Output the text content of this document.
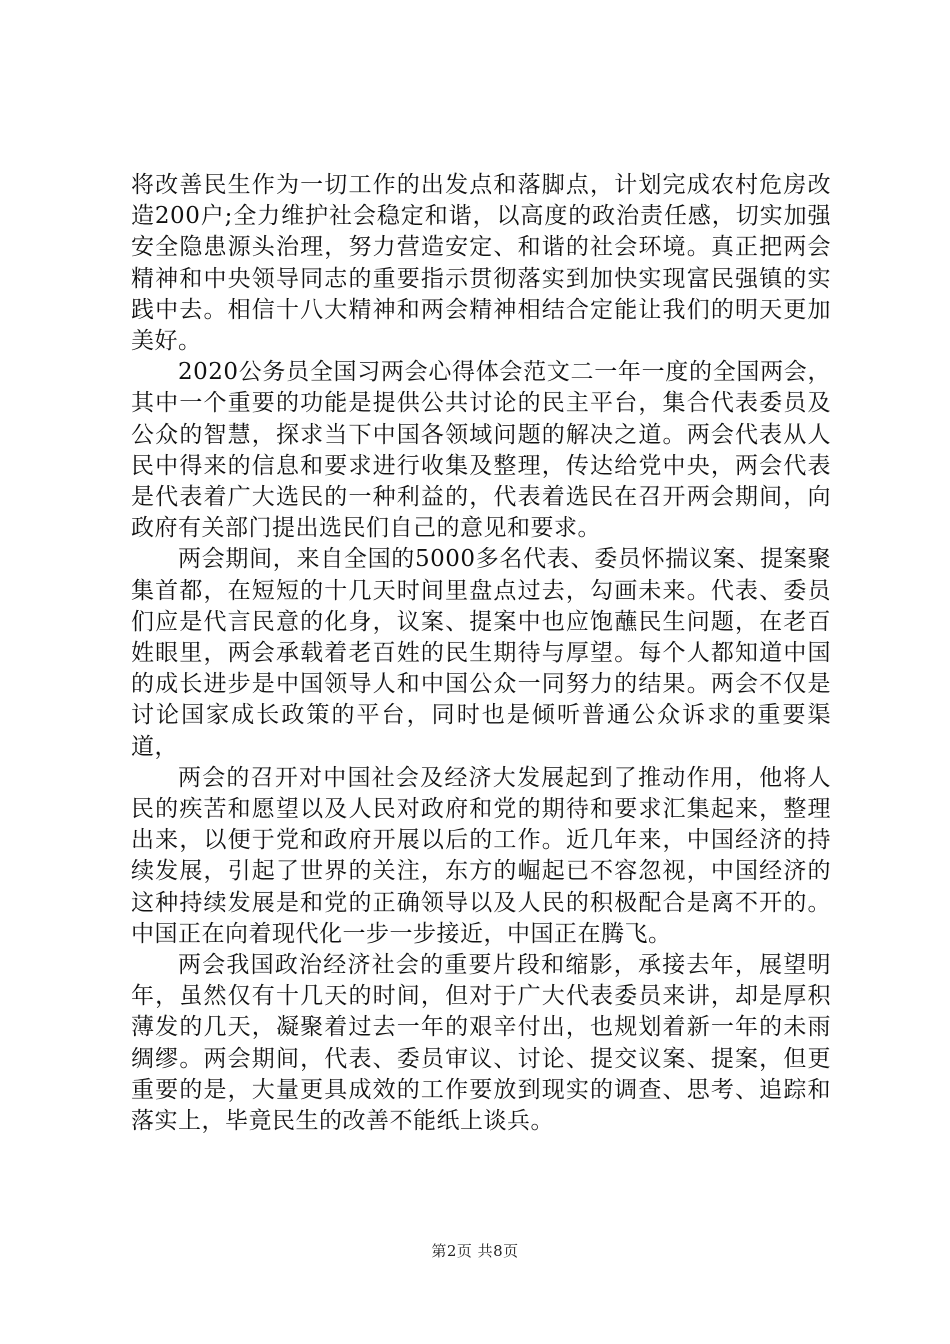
将改善民生作为一切工作的出发点和落脚点，计划完成农村危房改造200户;全力维护社会稳定和谐，以高度的政治责任感，切实加强安全隐患源头治理，努力营造安定、和谐的社会环境。真正把两会精神和中央领导同志的重要指示贯彻落实到加快实现富民强镇的实践中去。相信十八大精神和两会精神相结合定能让我们的明天更加美好。

2020公务员全国习两会心得体会范文二一年一度的全国两会，其中一个重要的功能是提供公共讨论的民主平台，集合代表委员及公众的智慧，探求当下中国各领域问题的解决之道。两会代表从人民中得来的信息和要求进行收集及整理，传达给党中央，两会代表是代表着广大选民的一种利益的，代表着选民在召开两会期间，向政府有关部门提出选民们自己的意见和要求。

两会期间，来自全国的5000多名代表、委员怀揣议案、提案聚集首都，在短短的十几天时间里盘点过去，勾画未来。代表、委员们应是代言民意的化身，议案、提案中也应饱蘸民生问题，在老百姓眼里，两会承载着老百姓的民生期待与厚望。每个人都知道中国的成长进步是中国领导人和中国公众一同努力的结果。两会不仅是讨论国家成长政策的平台，同时也是倾听普通公众诉求的重要渠道，

两会的召开对中国社会及经济大发展起到了推动作用，他将人民的疾苦和愿望以及人民对政府和党的期待和要求汇集起来，整理出来，以便于党和政府开展以后的工作。近几年来，中国经济的持续发展，引起了世界的关注，东方的崛起已不容忽视，中国经济的这种持续发展是和党的正确领导以及人民的积极配合是离不开的。中国正在向着现代化一步一步接近，中国正在腾飞。

两会我国政治经济社会的重要片段和缩影，承接去年，展望明年，虽然仅有十几天的时间，但对于广大代表委员来讲，却是厚积薄发的几天，凝聚着过去一年的艰辛付出，也规划着新一年的未雨绸缪。两会期间，代表、委员审议、讨论、提交议案、提案，但更重要的是，大量更具成效的工作要放到现实的调查、思考、追踪和落实上，毕竟民生的改善不能纸上谈兵。

第2页 共8页
